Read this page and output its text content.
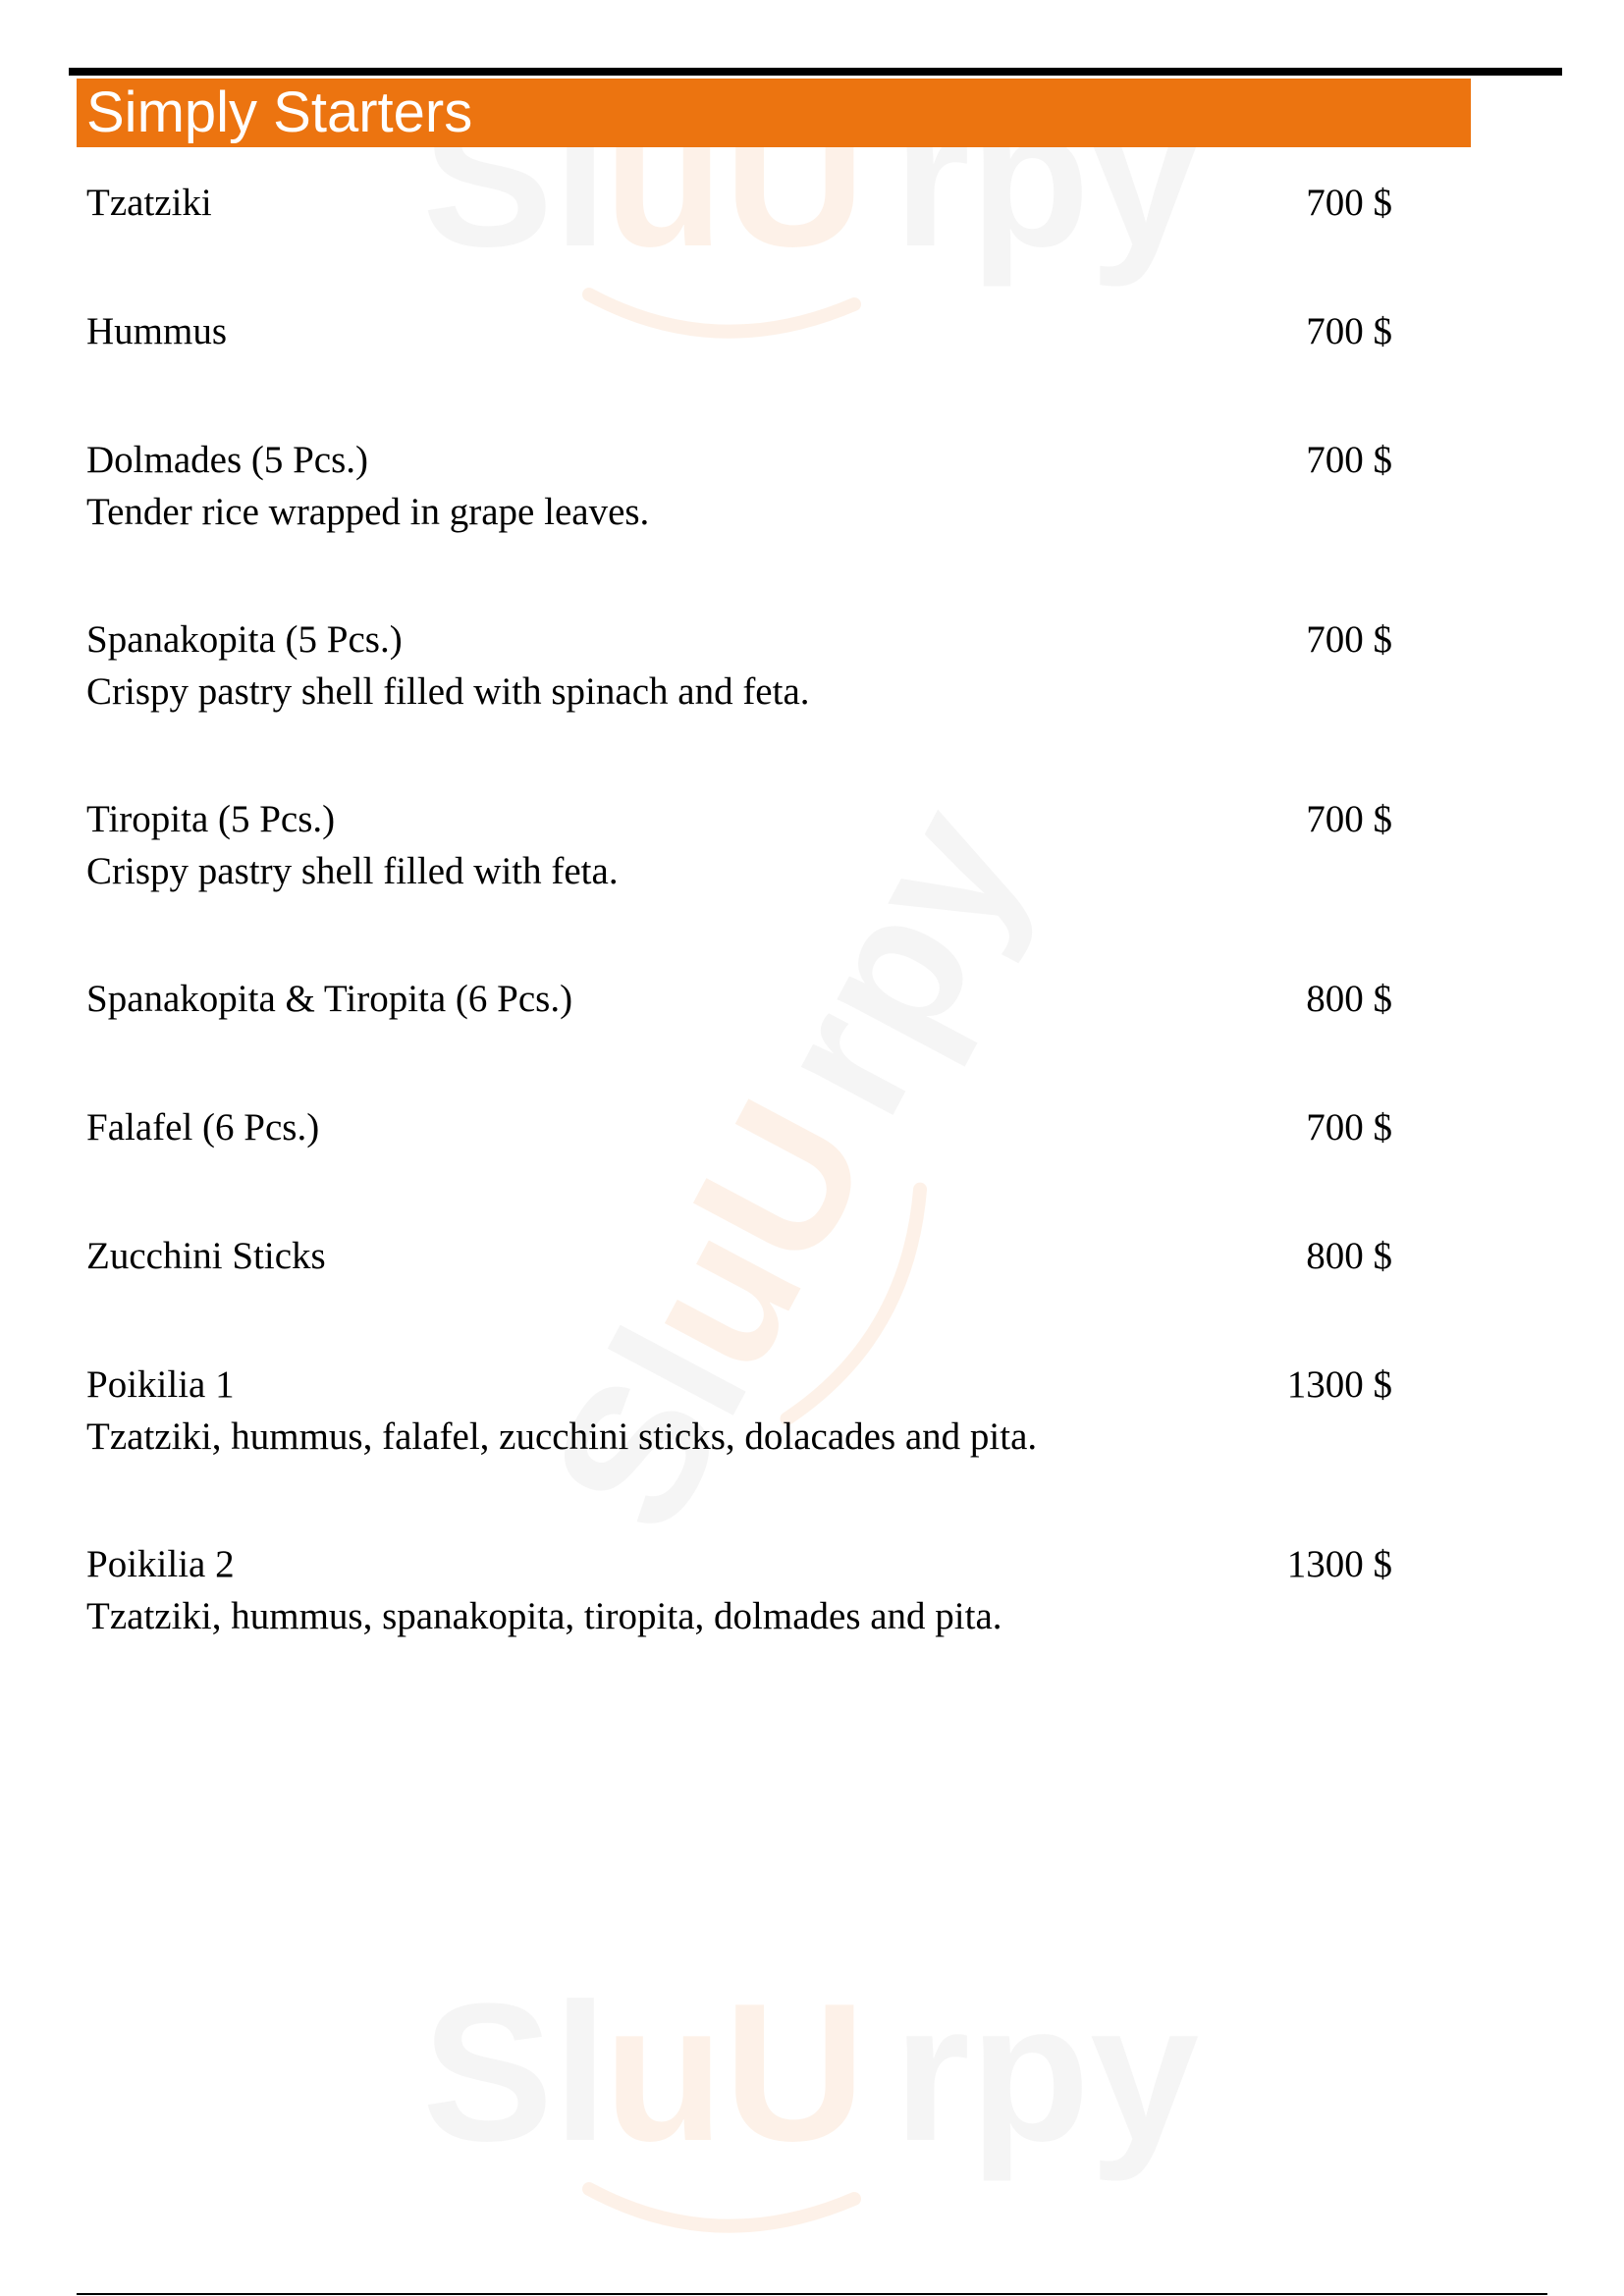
Sl
uU rpy
Sl
uU
rpy
Sl
uU rpy
Simply Starters
Tzatziki	700 $
Hummus	700 $
Dolmades (5 Pcs.)	700 $
Tender rice wrapped in grape leaves.
Spanakopita (5 Pcs.)	700 $
Crispy pastry shell filled with spinach and feta.
Tiropita (5 Pcs.)	700 $
Crispy pastry shell filled with feta.
Spanakopita & Tiropita (6 Pcs.)	800 $
Falafel (6 Pcs.)	700 $
Zucchini Sticks	800 $
Poikilia 1	1300 $
Tzatziki, hummus, falafel, zucchini sticks, dolacades and pita.
Poikilia 2	1300 $
Tzatziki, hummus, spanakopita, tiropita, dolmades and pita.
